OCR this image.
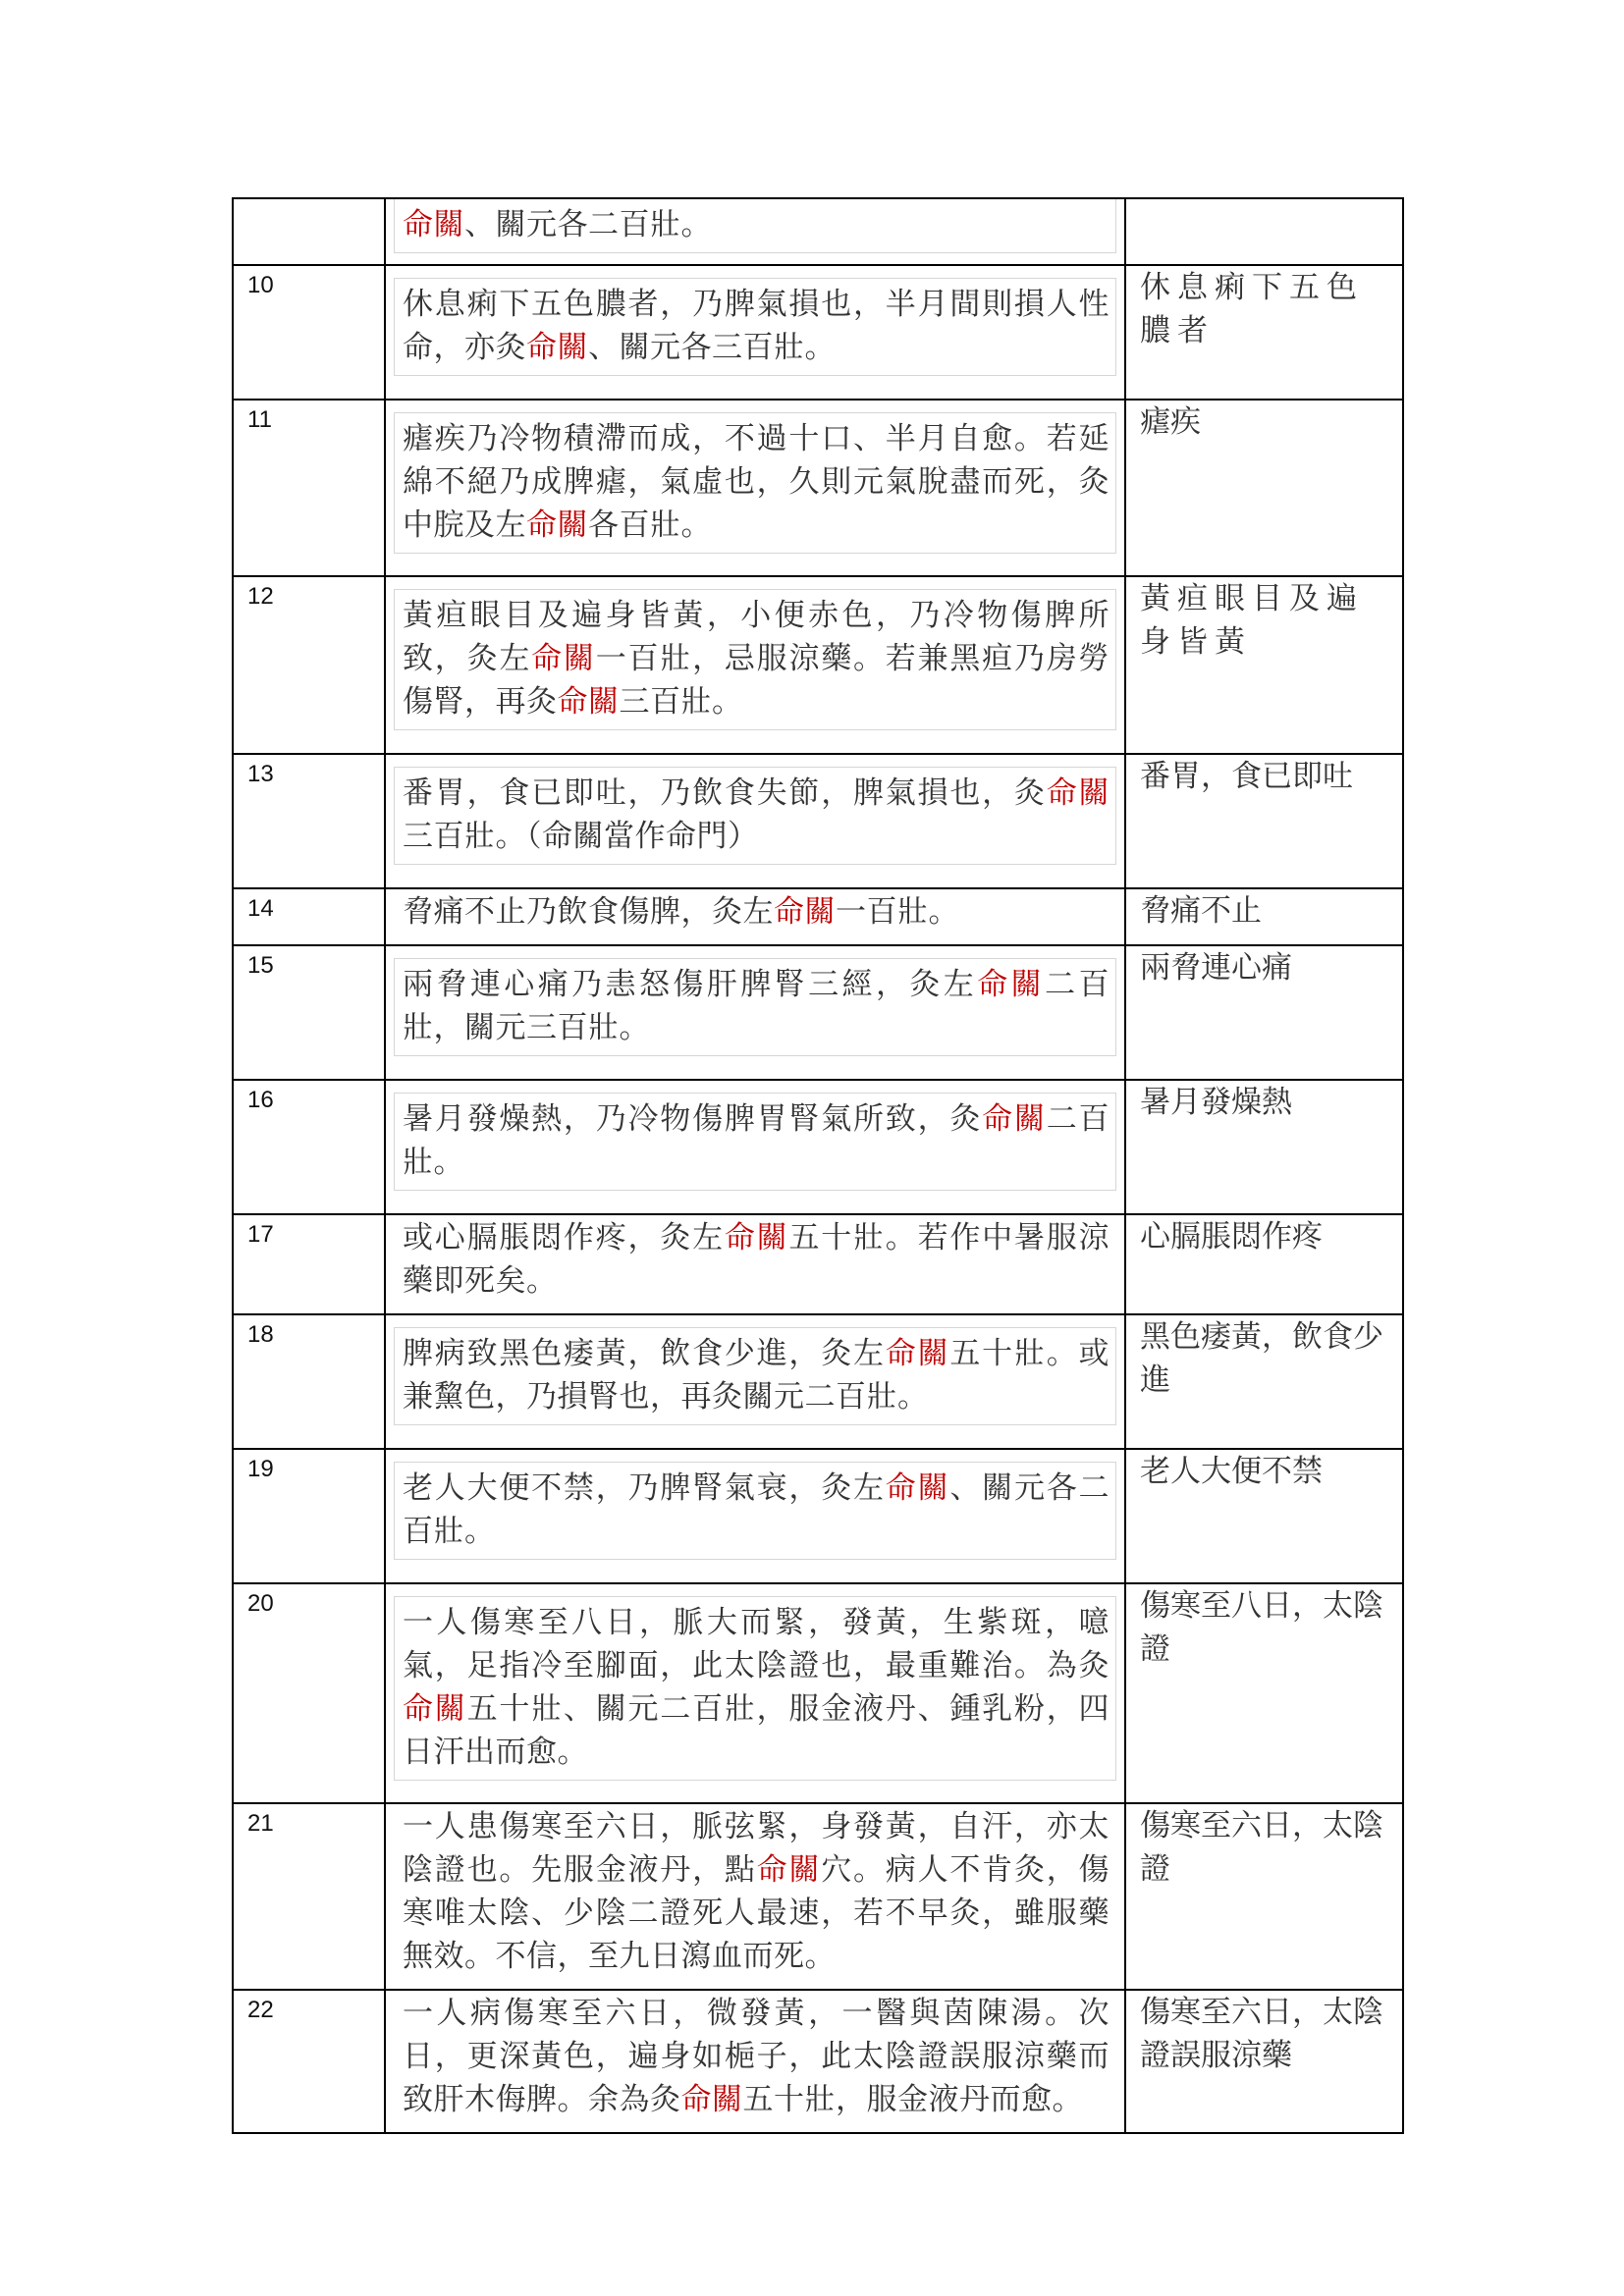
	命關、關元各二百壯。	

10	休息痢下五色膿者，乃脾氣損也，半月間則損人性命，亦灸命關、關元各三百壯。	休息痢下五色膿者
11	瘧疾乃冷物積滯而成，不過十口、半月自愈。若延綿不絕乃成脾瘧，氣虛也，久則元氣脫盡而死，灸中脘及左命關各百壯。	瘧疾
12	黃疸眼目及遍身皆黃，小便赤色，乃冷物傷脾所致，灸左命關一百壯，忌服涼藥。若兼黑疸乃房勞傷腎，再灸命關三百壯。	黃疸眼目及遍身皆黃
13	番胃，食已即吐，乃飲食失節，脾氣損也，灸命關三百壯。（命關當作命門）	番胃，食已即吐
14	脅痛不止乃飲食傷脾，灸左命關一百壯。	脅痛不止
15	兩脅連心痛乃恚怒傷肝脾腎三經，灸左命關二百壯，關元三百壯。	兩脅連心痛
16	暑月發燥熱，乃冷物傷脾胃腎氣所致，灸命關二百壯。	暑月發燥熱
17	或心膈脹悶作疼，灸左命關五十壯。若作中暑服涼藥即死矣。	心膈脹悶作疼
18	脾病致黑色痿黃，飲食少進，灸左命關五十壯。或兼黧色，乃損腎也，再灸關元二百壯。	黑色痿黃，飲食少進
19	老人大便不禁，乃脾腎氣衰，灸左命關、關元各二百壯。	老人大便不禁
20	一人傷寒至八日，脈大而緊，發黃，生紫斑，噫氣，足指冷至腳面，此太陰證也，最重難治。為灸命關五十壯、關元二百壯，服金液丹、鍾乳粉，四日汗出而愈。	傷寒至八日，太陰證
21	一人患傷寒至六日，脈弦緊，身發黃，自汗，亦太陰證也。先服金液丹，點命關穴。病人不肯灸，傷寒唯太陰、少陰二證死人最速，若不早灸，雖服藥無效。不信，至九日瀉血而死。	傷寒至六日，太陰證
22	一人病傷寒至六日，微發黃，一醫與茵陳湯。次日，更深黃色，遍身如梔子，此太陰證誤服涼藥而致肝木侮脾。余為灸命關五十壯，服金液丹而愈。	傷寒至六日，太陰證誤服涼藥
